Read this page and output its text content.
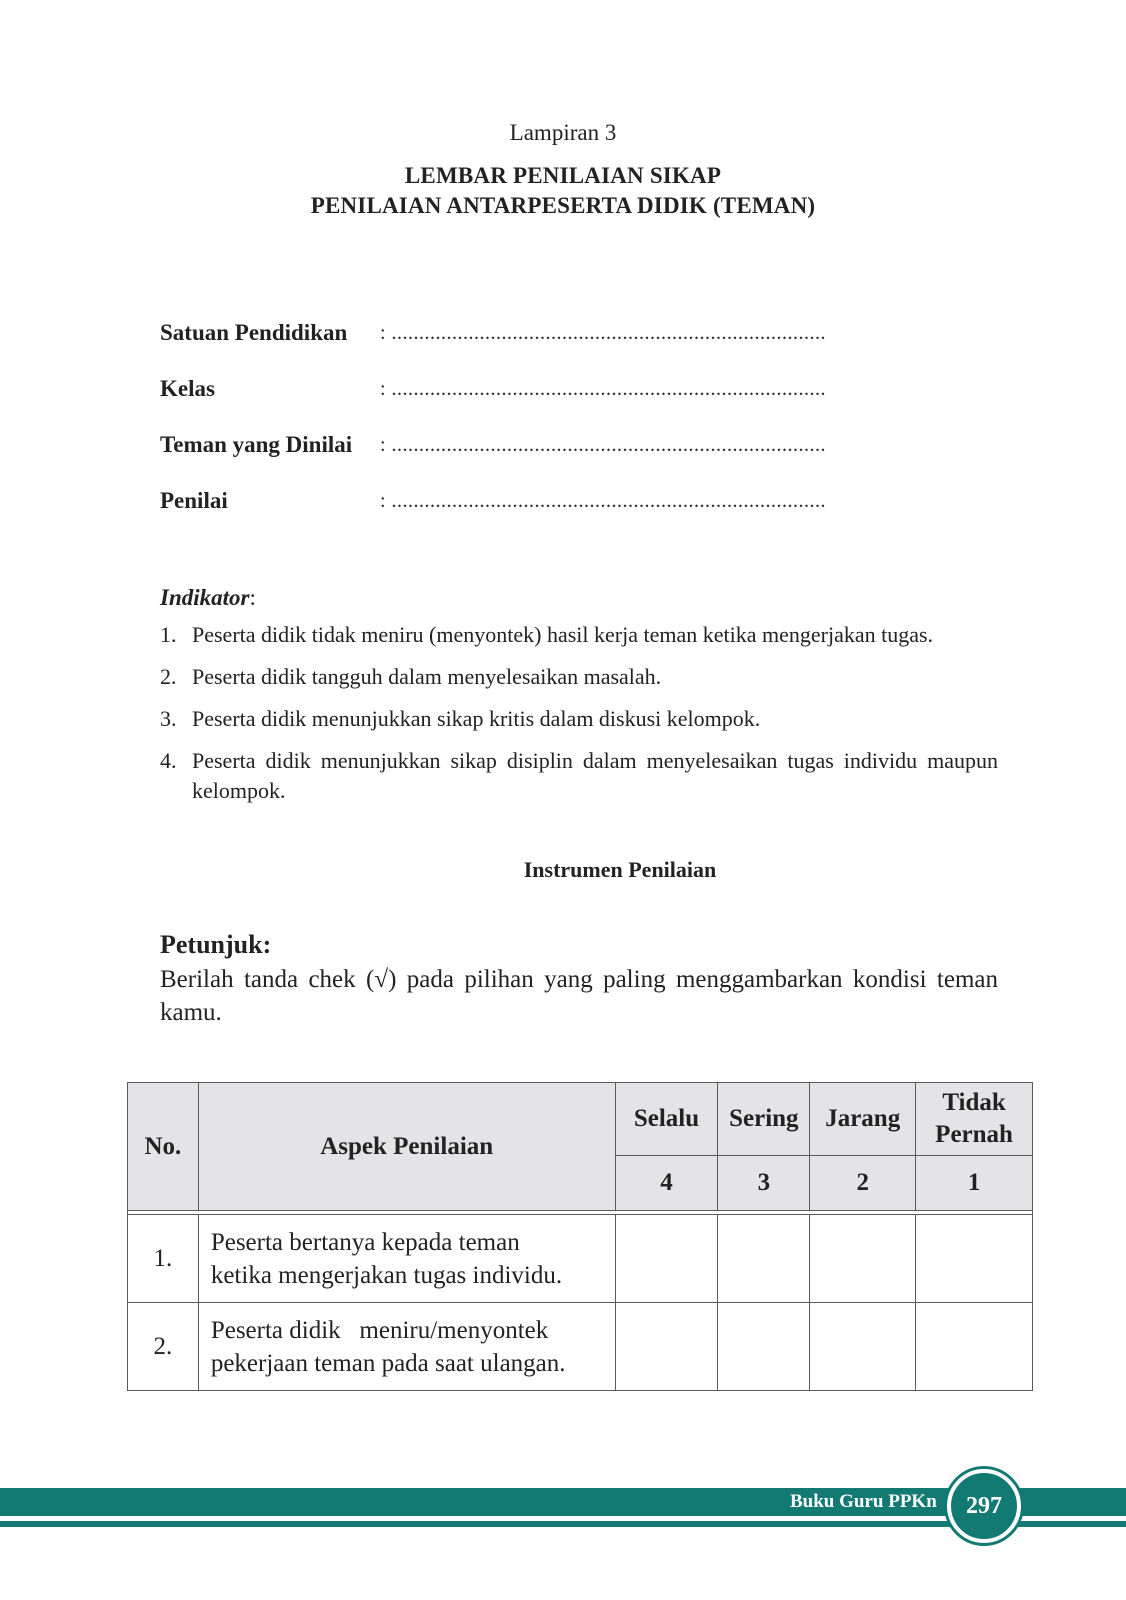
Lampiran 3
LEMBAR PENILAIAN SIKAP
PENILAIAN ANTARPESERTA DIDIK (TEMAN)
Satuan Pendidikan : ...............................................................................
Kelas	: ...............................................................................
Teman yang Dinilai : ...............................................................................
Penilai	: ...............................................................................
Indikator:
1. Peserta didik tidak meniru (menyontek) hasil kerja teman ketika mengerjakan tugas.
2. Peserta didik tangguh dalam menyelesaikan masalah.
3. Peserta didik menunjukkan sikap kritis dalam diskusi kelompok.
4. Peserta didik menunjukkan sikap disiplin dalam menyelesaikan tugas individu maupun kelompok.
Instrumen Penilaian
Petunjuk:
Berilah tanda chek (√) pada pilihan yang paling menggambarkan kondisi teman kamu.
No.	Aspek Penilaian	Selalu	Sering	Jarang	Tidak
Pernah
		4	3	2	1

1.	Peserta bertanya kepada teman
ketika mengerjakan tugas individu.				
2.	Peserta didik   meniru/menyontek
pekerjaan teman pada saat ulangan.				
Buku Guru PPKn	297
